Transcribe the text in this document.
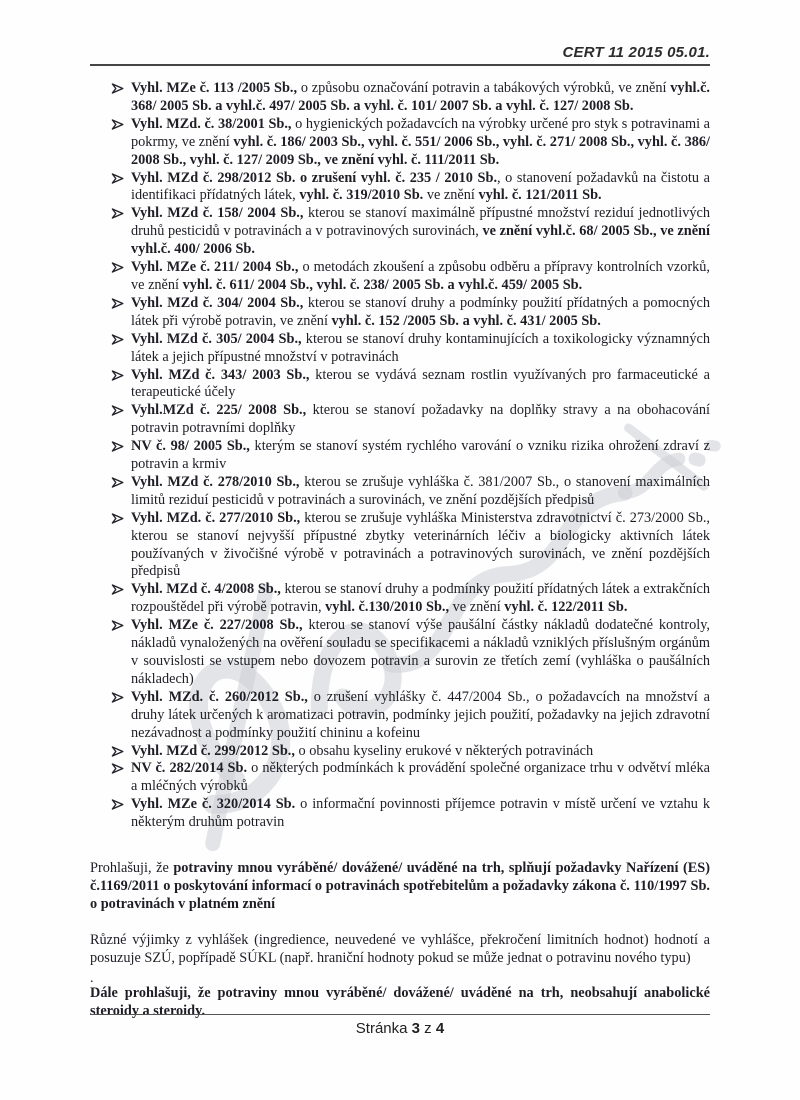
CERT 11 2015 05.01.
Vyhl. MZe č. 113 /2005 Sb., o způsobu označování potravin a tabákových výrobků, ve znění vyhl.č. 368/ 2005 Sb. a vyhl.č. 497/ 2005 Sb. a vyhl. č. 101/ 2007 Sb. a vyhl. č. 127/ 2008 Sb.
Vyhl. MZd. č. 38/2001 Sb., o hygienických požadavcích na výrobky určené pro styk s potravinami a pokrmy, ve znění vyhl. č. 186/ 2003 Sb., vyhl. č. 551/ 2006 Sb., vyhl. č. 271/ 2008 Sb., vyhl. č. 386/ 2008 Sb., vyhl. č. 127/ 2009 Sb., ve znění vyhl. č. 111/2011 Sb.
Vyhl. MZd č. 298/2012 Sb. o zrušení vyhl. č. 235 / 2010 Sb., o stanovení požadavků na čistotu a identifikaci přídatných látek, vyhl. č. 319/2010 Sb. ve znění vyhl. č. 121/2011 Sb.
Vyhl. MZd č. 158/ 2004 Sb., kterou se stanoví maximálně přípustné množství reziduí jednotlivých druhů pesticidů v potravinách a v potravinových surovinách, ve znění vyhl.č. 68/ 2005 Sb., ve znění vyhl.č. 400/ 2006 Sb.
Vyhl. MZe č. 211/ 2004 Sb., o metodách zkoušení a způsobu odběru a přípravy kontrolních vzorků, ve znění vyhl. č. 611/ 2004 Sb., vyhl. č. 238/ 2005 Sb. a vyhl.č. 459/ 2005 Sb.
Vyhl. MZd č. 304/ 2004 Sb., kterou se stanoví druhy a podmínky použití přídatných a pomocných látek při výrobě potravin, ve znění vyhl. č. 152 /2005 Sb. a vyhl. č. 431/ 2005 Sb.
Vyhl. MZd č. 305/ 2004 Sb., kterou se stanoví druhy kontaminujících a toxikologicky významných látek a jejich přípustné množství v potravinách
Vyhl. MZd č. 343/ 2003 Sb., kterou se vydává seznam rostlin využívaných pro farmaceutické a terapeutické účely
Vyhl.MZd č. 225/ 2008 Sb., kterou se stanoví požadavky na doplňky stravy a na obohacování potravin potravními doplňky
NV č. 98/ 2005 Sb., kterým se stanoví systém rychlého varování o vzniku rizika ohrožení zdraví z potravin a krmiv
Vyhl. MZd č. 278/2010 Sb., kterou se zrušuje vyhláška č. 381/2007 Sb., o stanovení maximálních limitů reziduí pesticidů v potravinách a surovinách, ve znění pozdějších předpisů
Vyhl. MZd. č. 277/2010 Sb., kterou se zrušuje vyhláška Ministerstva zdravotnictví č. 273/2000 Sb., kterou se stanoví nejvyšší přípustné zbytky veterinárních léčiv a biologicky aktivních látek používaných v živočišné výrobě v potravinách a potravinových surovinách, ve znění pozdějších předpisů
Vyhl. MZd č. 4/2008 Sb., kterou se stanoví druhy a podmínky použití přídatných látek a extrakčních rozpouštědel při výrobě potravin, vyhl. č.130/2010 Sb., ve znění vyhl. č. 122/2011 Sb.
Vyhl. MZe č. 227/2008 Sb., kterou se stanoví výše paušální částky nákladů dodatečné kontroly, nákladů vynaložených na ověření souladu se specifikacemi a nákladů vzniklých příslušným orgánům v souvislosti se vstupem nebo dovozem potravin a surovin ze třetích zemí (vyhláška o paušálních nákladech)
Vyhl. MZd. č. 260/2012 Sb., o zrušení vyhlášky č. 447/2004 Sb., o požadavcích na množství a druhy látek určených k aromatizaci potravin, podmínky jejich použití, požadavky na jejich zdravotní nezávadnost a podmínky použití chininu a kofeinu
Vyhl. MZd č. 299/2012 Sb., o obsahu kyseliny erukové v některých potravinách
NV č. 282/2014 Sb. o některých podmínkách k provádění společné organizace trhu v odvětví mléka a mléčných výrobků
Vyhl. MZe č. 320/2014 Sb. o informační povinnosti příjemce potravin v místě určení ve vztahu k některým druhům potravin

Prohlašuji, že potraviny mnou vyráběné/ dovážené/ uváděné na trh, splňují požadavky Nařízení (ES) č.1169/2011 o poskytování informací o potravinách spotřebitelům a požadavky zákona č. 110/1997 Sb. o potravinách v platném znění

Různé výjimky z vyhlášek (ingredience, neuvedené ve vyhlášce, překročení limitních hodnot) hodnotí a posuzuje SZÚ, popřípadě SÚKL (např. hraniční hodnoty pokud se může jednat o potravinu nového typu)

.

Dále prohlašuji, že potraviny mnou vyráběné/ dovážené/ uváděné na trh, neobsahují anabolické steroidy a steroidy.

Stránka 3 z 4
